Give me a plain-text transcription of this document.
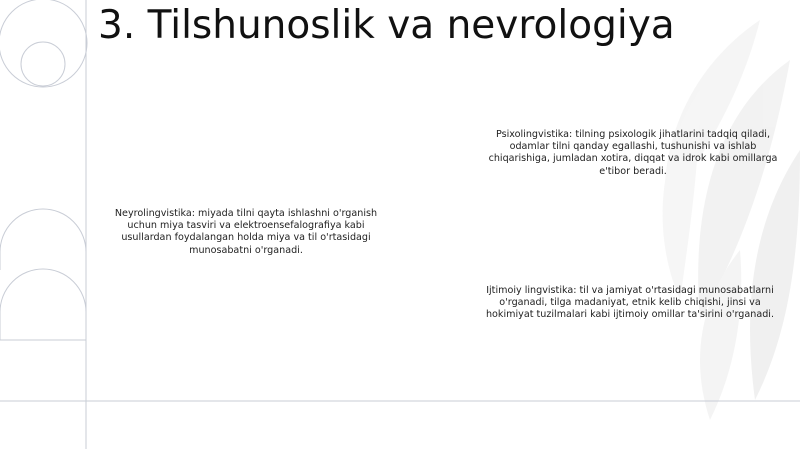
3. Tilshunoslik va nevrologiya

Neyrolingvistika: miyada tilni qayta ishlashni o'rganish uchun miya tasviri va elektroensefalografiya kabi usullardan foydalangan holda miya va til o'rtasidagi munosabatni o'rganadi.

Psixolingvistika: tilning psixologik jihatlarini tadqiq qiladi, odamlar tilni qanday egallashi, tushunishi va ishlab chiqarishiga, jumladan xotira, diqqat va idrok kabi omillarga e'tibor beradi.

Ijtimoiy lingvistika: til va jamiyat o'rtasidagi munosabatlarni o'rganadi, tilga madaniyat, etnik kelib chiqishi, jinsi va hokimiyat tuzilmalari kabi ijtimoiy omillar ta'sirini o'rganadi.
